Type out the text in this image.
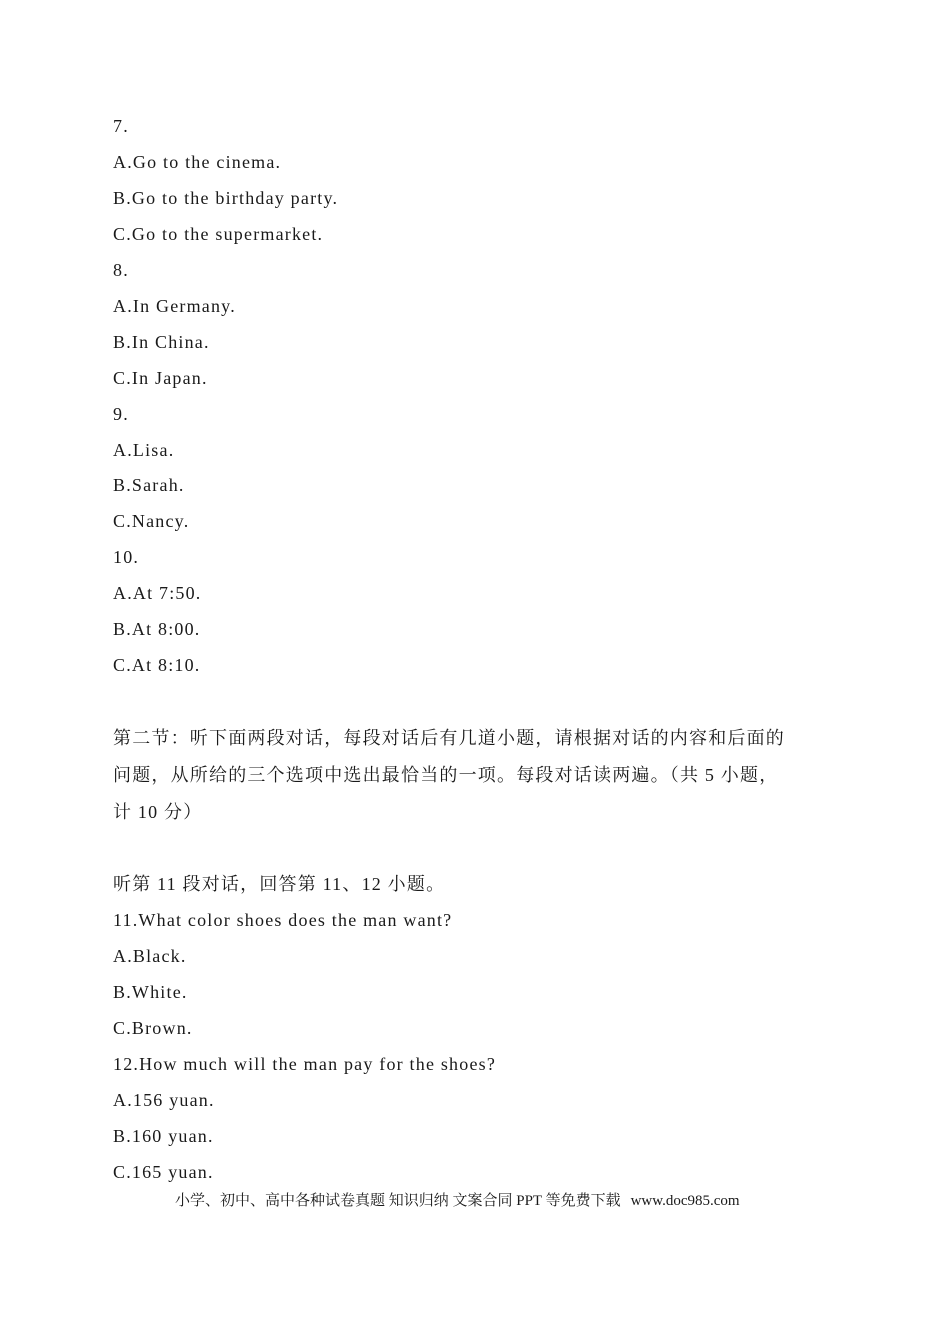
7.
A.Go to the cinema.
B.Go to the birthday party.
C.Go to the supermarket.
8.
A.In Germany.
B.In China.
C.In Japan.
9.
A.Lisa.
B.Sarah.
C.Nancy.
10.
A.At 7:50.
B.At 8:00.
C.At 8:10.
第二节：听下面两段对话，每段对话后有几道小题，请根据对话的内容和后面的
问题，从所给的三个选项中选出最恰当的一项。每段对话读两遍。（共 5 小题，
计 10 分）
听第 11 段对话，回答第 11、12 小题。
11.What color shoes does the man want?
A.Black.
B.White.
C.Brown.
12.How much will the man pay for the shoes?
A.156 yuan.
B.160 yuan.
C.165 yuan.
小学、初中、高中各种试卷真题 知识归纳 文案合同 PPT 等免费下载 www.doc985.com
